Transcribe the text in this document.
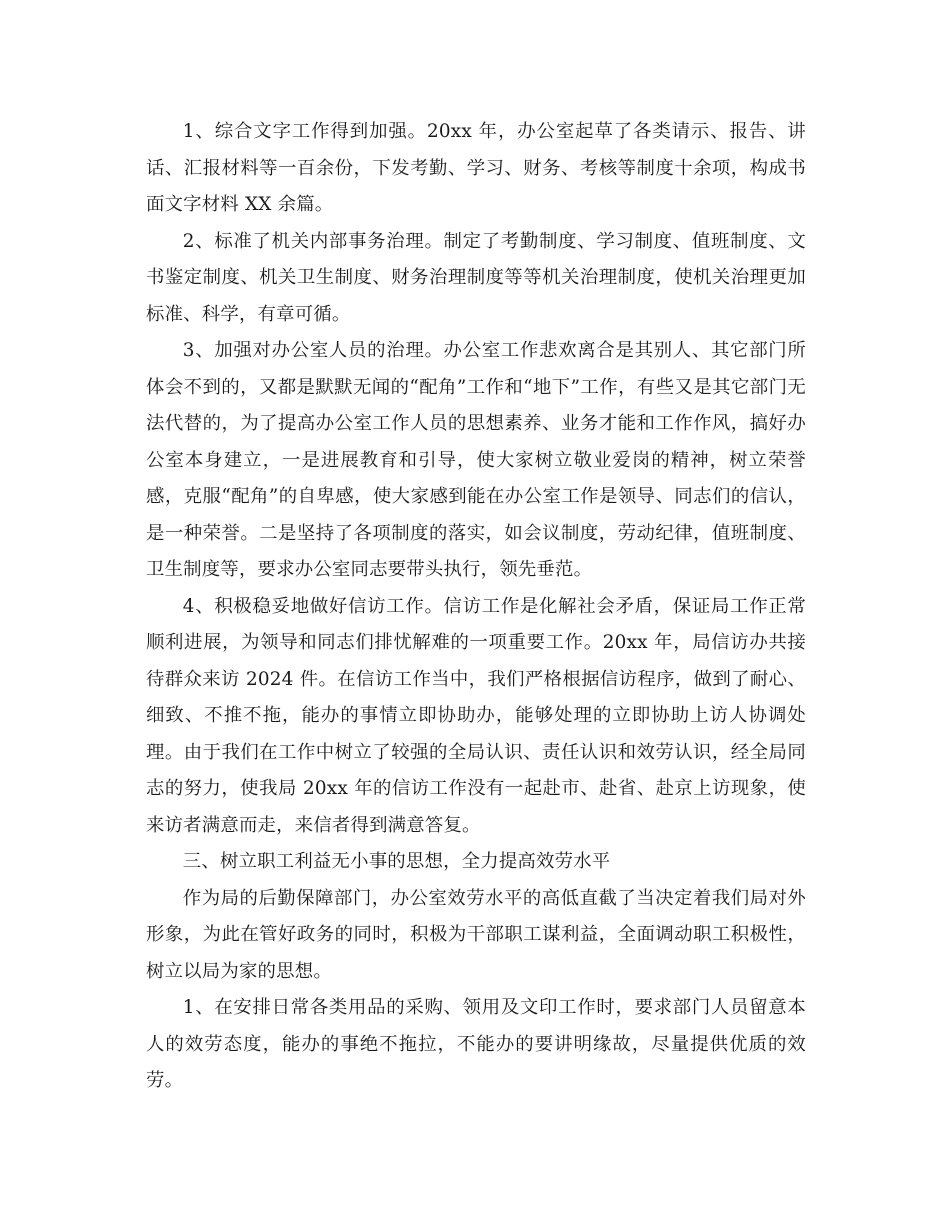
1、综合文字工作得到加强。20xx 年，办公室起草了各类请示、报告、讲话、汇报材料等一百余份，下发考勤、学习、财务、考核等制度十余项，构成书面文字材料 XX 余篇。

2、标准了机关内部事务治理。制定了考勤制度、学习制度、值班制度、文书鉴定制度、机关卫生制度、财务治理制度等等机关治理制度，使机关治理更加标准、科学，有章可循。

3、加强对办公室人员的治理。办公室工作悲欢离合是其别人、其它部门所体会不到的，又都是默默无闻的“配角”工作和“地下”工作，有些又是其它部门无法代替的，为了提高办公室工作人员的思想素养、业务才能和工作作风，搞好办公室本身建立，一是进展教育和引导，使大家树立敬业爱岗的精神，树立荣誉感，克服“配角”的自卑感，使大家感到能在办公室工作是领导、同志们的信认，是一种荣誉。二是坚持了各项制度的落实，如会议制度，劳动纪律，值班制度、卫生制度等，要求办公室同志要带头执行，领先垂范。

4、积极稳妥地做好信访工作。信访工作是化解社会矛盾，保证局工作正常顺利进展，为领导和同志们排忧解难的一项重要工作。20xx 年，局信访办共接待群众来访 2024 件。在信访工作当中，我们严格根据信访程序，做到了耐心、细致、不推不拖，能办的事情立即协助办，能够处理的立即协助上访人协调处理。由于我们在工作中树立了较强的全局认识、责任认识和效劳认识，经全局同志的努力，使我局 20xx 年的信访工作没有一起赴市、赴省、赴京上访现象，使来访者满意而走，来信者得到满意答复。

三、树立职工利益无小事的思想，全力提高效劳水平

作为局的后勤保障部门，办公室效劳水平的高低直截了当决定着我们局对外形象，为此在管好政务的同时，积极为干部职工谋利益，全面调动职工积极性，树立以局为家的思想。

1、在安排日常各类用品的采购、领用及文印工作时，要求部门人员留意本人的效劳态度，能办的事绝不拖拉，不能办的要讲明缘故，尽量提供优质的效劳。
